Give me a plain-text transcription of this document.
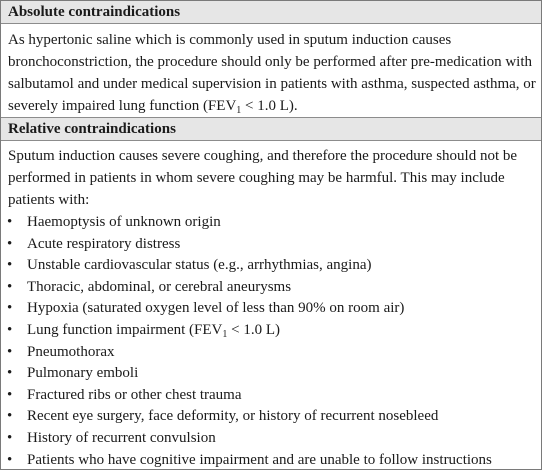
Absolute contraindications

As hypertonic saline which is commonly used in sputum induction causes bronchoconstriction, the procedure should only be performed after pre-medication with salbutamol and under medical supervision in patients with asthma, suspected asthma, or severely impaired lung function ($FEV_1 < 1.0$ L).

Relative contraindications

Sputum induction causes severe coughing, and therefore the procedure should not be performed in patients in whom severe coughing may be harmful. This may include patients with:

• Haemoptysis of unknown origin
• Acute respiratory distress
• Unstable cardiovascular status (e.g., arrhythmias, angina)
• Thoracic, abdominal, or cerebral aneurysms
• Hypoxia (saturated oxygen level of less than 90% on room air)
• Lung function impairment ($FEV_1 < 1.0$ L)
• Pneumothorax
• Pulmonary emboli
• Fractured ribs or other chest trauma
• Recent eye surgery, face deformity, or history of recurrent nosebleed
• History of recurrent convulsion
• Patients who have cognitive impairment and are unable to follow instructions
